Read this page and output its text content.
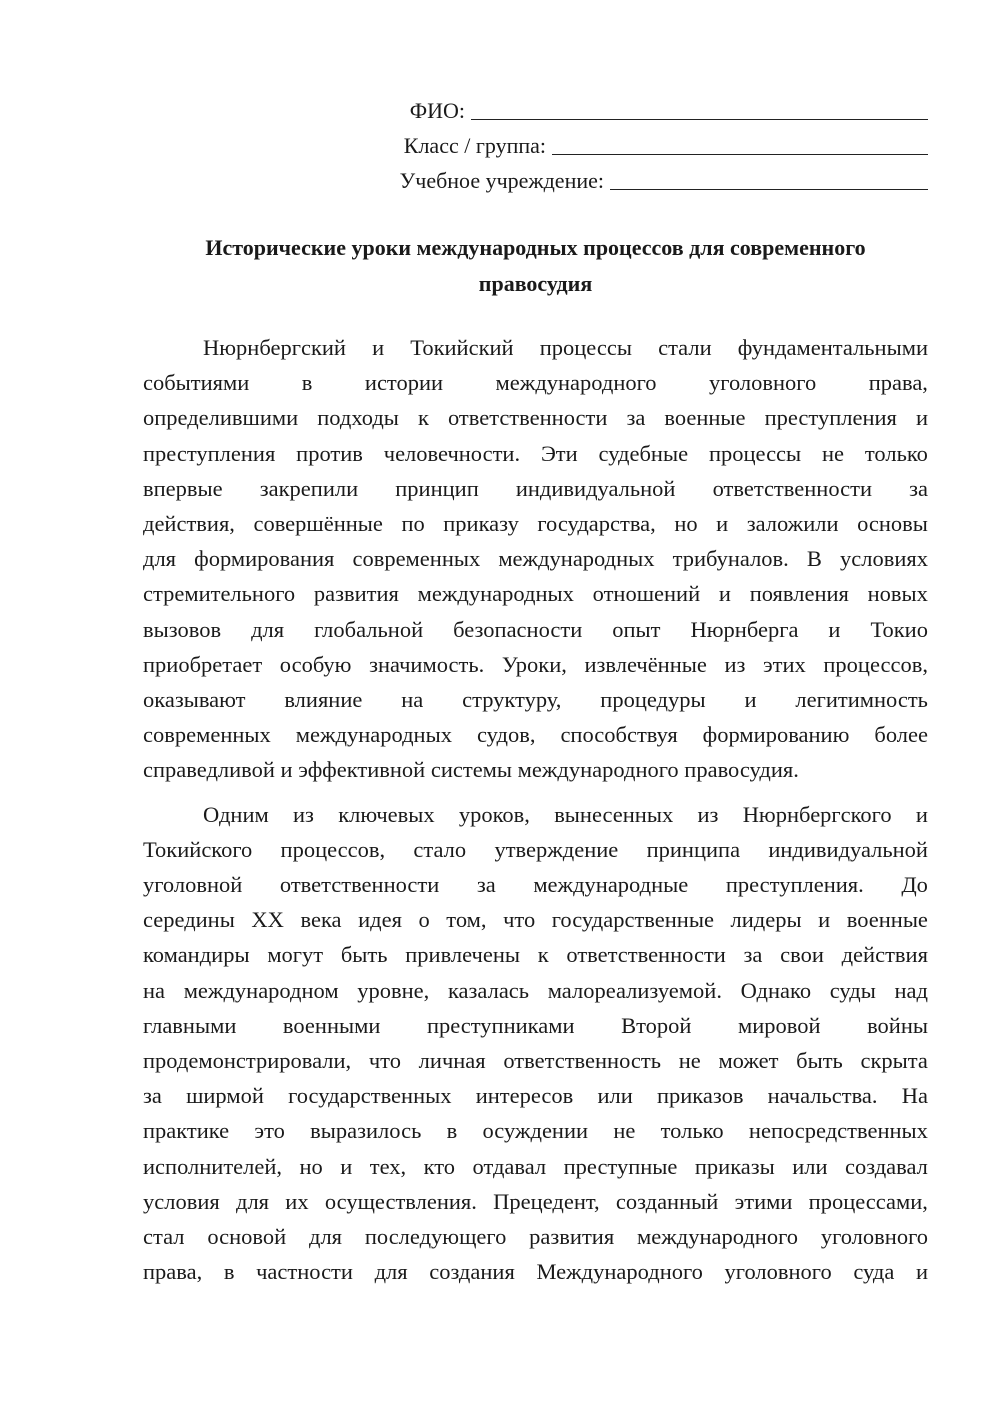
ФИО:
Класс / группа:
Учебное учреждение:
Исторические уроки международных процессов для современного
правосудия
Нюрнбергский и Токийский процессы стали фундаментальными
событиями в истории международного уголовного права,
определившими подходы к ответственности за военные преступления и
преступления против человечности. Эти судебные процессы не только
впервые закрепили принцип индивидуальной ответственности за
действия, совершённые по приказу государства, но и заложили основы
для формирования современных международных трибуналов. В условиях
стремительного развития международных отношений и появления новых
вызовов для глобальной безопасности опыт Нюрнберга и Токио
приобретает особую значимость. Уроки, извлечённые из этих процессов,
оказывают влияние на структуру, процедуры и легитимность
современных международных судов, способствуя формированию более
справедливой и эффективной системы международного правосудия.
Одним из ключевых уроков, вынесенных из Нюрнбергского и
Токийского процессов, стало утверждение принципа индивидуальной
уголовной ответственности за международные преступления. До
середины XX века идея о том, что государственные лидеры и военные
командиры могут быть привлечены к ответственности за свои действия
на международном уровне, казалась малореализуемой. Однако суды над
главными военными преступниками Второй мировой войны
продемонстрировали, что личная ответственность не может быть скрыта
за ширмой государственных интересов или приказов начальства. На
практике это выразилось в осуждении не только непосредственных
исполнителей, но и тех, кто отдавал преступные приказы или создавал
условия для их осуществления. Прецедент, созданный этими процессами,
стал основой для последующего развития международного уголовного
права, в частности для создания Международного уголовного суда и
